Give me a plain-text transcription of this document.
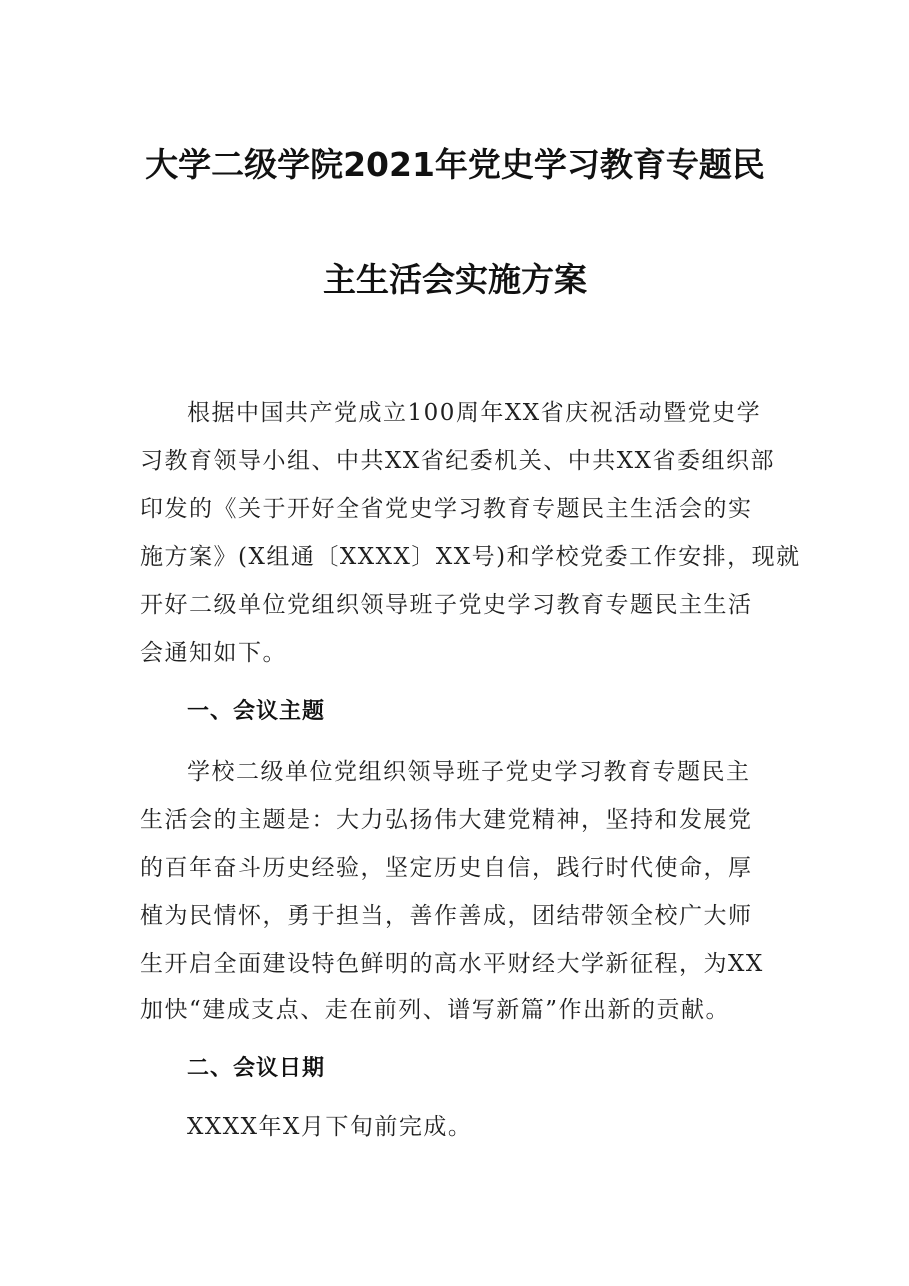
大学二级学院2021年党史学习教育专题民
主生活会实施方案
根据中国共产党成立100周年XX省庆祝活动暨党史学
习教育领导小组、中共XX省纪委机关、中共XX省委组织部
印发的《关于开好全省党史学习教育专题民主生活会的实
施方案》(X组通〔XXXX〕XX号)和学校党委工作安排，现就
开好二级单位党组织领导班子党史学习教育专题民主生活
会通知如下。
一、会议主题
学校二级单位党组织领导班子党史学习教育专题民主
生活会的主题是：大力弘扬伟大建党精神，坚持和发展党
的百年奋斗历史经验，坚定历史自信，践行时代使命，厚
植为民情怀，勇于担当，善作善成，团结带领全校广大师
生开启全面建设特色鲜明的高水平财经大学新征程，为XX
加快“建成支点、走在前列、谱写新篇”作出新的贡献。
二、会议日期
XXXX年X月下旬前完成。
